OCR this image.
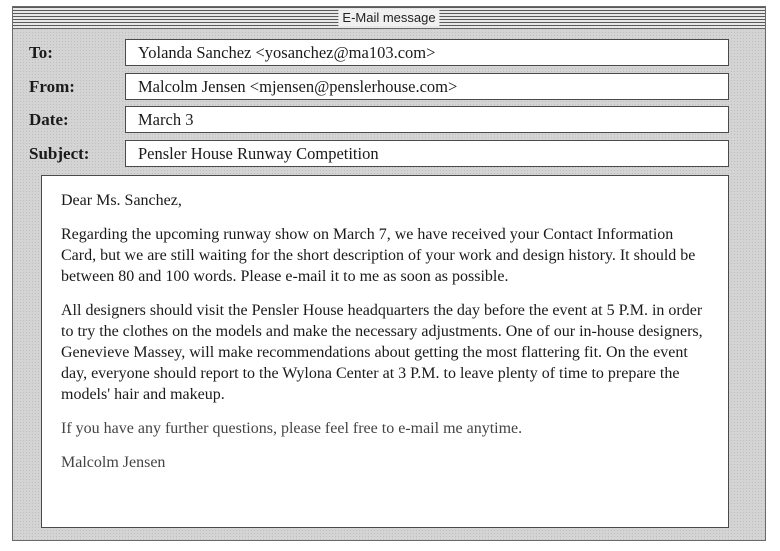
E-Mail message
To:	Yolanda Sanchez <yosanchez@ma103.com>
From:	Malcolm Jensen <mjensen@penslerhouse.com>
Date:	March 3
Subject:	Pensler House Runway Competition

Dear Ms. Sanchez,

Regarding the upcoming runway show on March 7, we have received your Contact Information Card, but we are still waiting for the short description of your work and design history. It should be between 80 and 100 words. Please e-mail it to me as soon as possible.

All designers should visit the Pensler House headquarters the day before the event at 5 P.M. in order to try the clothes on the models and make the necessary adjustments. One of our in-house designers, Genevieve Massey, will make recommendations about getting the most flattering fit. On the event day, everyone should report to the Wylona Center at 3 P.M. to leave plenty of time to prepare the models' hair and makeup.

If you have any further questions, please feel free to e-mail me anytime.

Malcolm Jensen
